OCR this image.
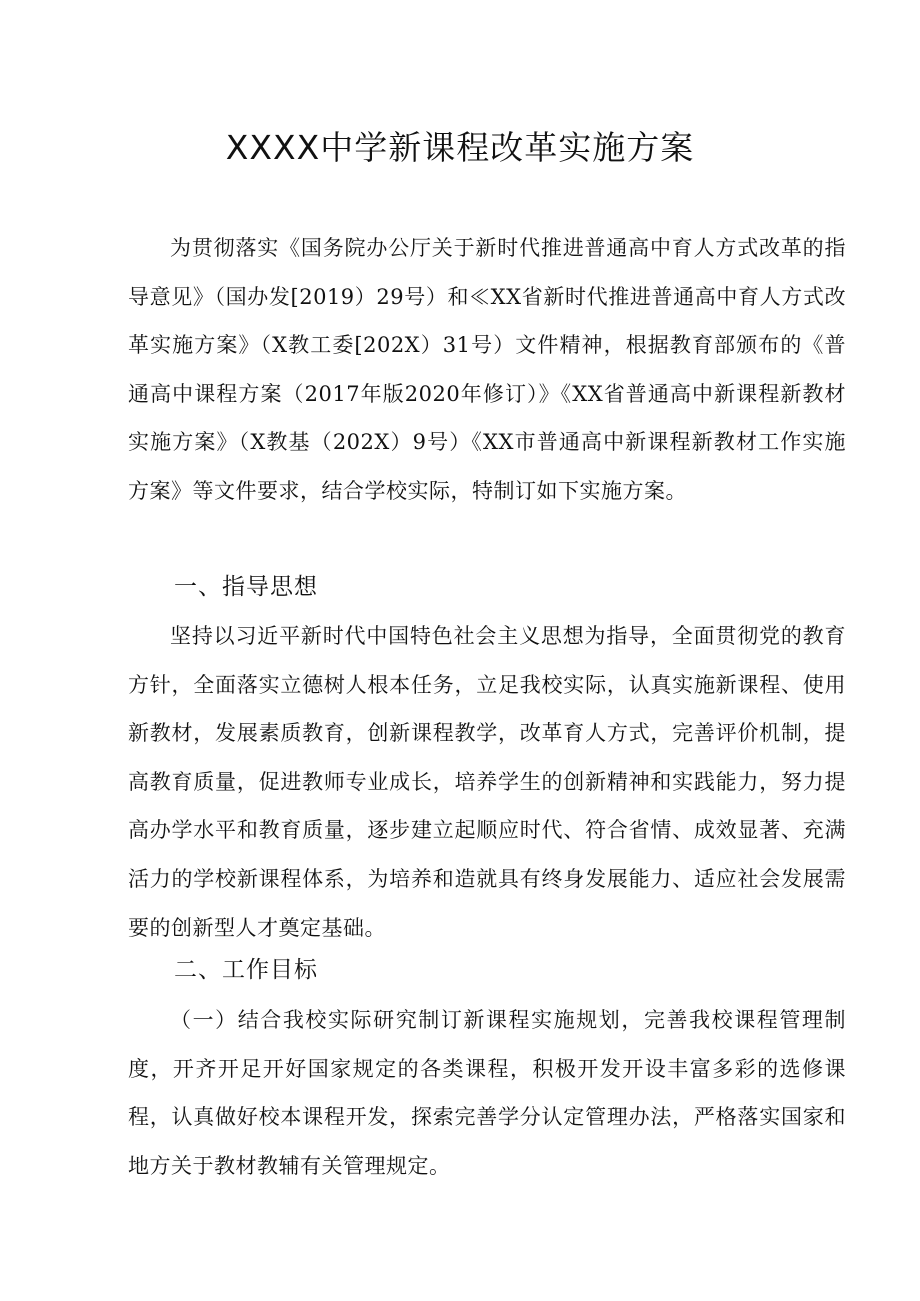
XXXX中学新课程改革实施方案

为贯彻落实《国务院办公厅关于新时代推进普通高中育人方式改革的指导意见》（国办发[2019）29号）和≪XX省新时代推进普通高中育人方式改革实施方案》（X教工委[202X）31号）文件精神，根据教育部颁布的《普通高中课程方案（2017年版2020年修订）》《XX省普通高中新课程新教材实施方案》（X教基（202X）9号）《XX市普通高中新课程新教材工作实施方案》等文件要求，结合学校实际，特制订如下实施方案。

一、指导思想

坚持以习近平新时代中国特色社会主义思想为指导，全面贯彻党的教育方针，全面落实立德树人根本任务，立足我校实际，认真实施新课程、使用新教材，发展素质教育，创新课程教学，改革育人方式，完善评价机制，提高教育质量，促进教师专业成长，培养学生的创新精神和实践能力，努力提高办学水平和教育质量，逐步建立起顺应时代、符合省情、成效显著、充满活力的学校新课程体系，为培养和造就具有终身发展能力、适应社会发展需要的创新型人才奠定基础。

二、工作目标

（一）结合我校实际研究制订新课程实施规划，完善我校课程管理制度，开齐开足开好国家规定的各类课程，积极开发开设丰富多彩的选修课程，认真做好校本课程开发，探索完善学分认定管理办法，严格落实国家和地方关于教材教辅有关管理规定。
